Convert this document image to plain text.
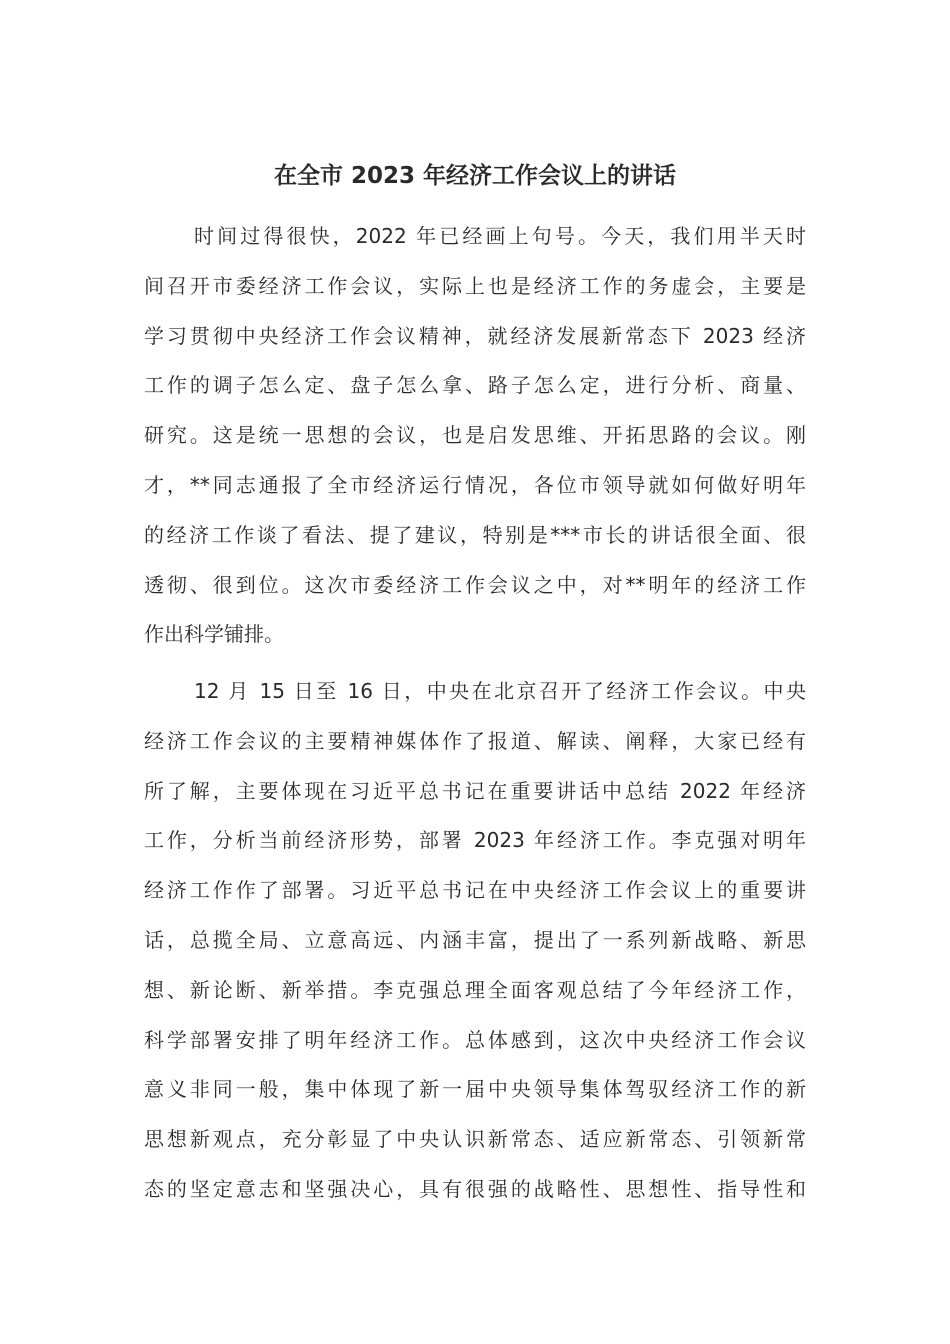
在全市 2023 年经济工作会议上的讲话
时间过得很快，2022 年已经画上句号。今天，我们用半天时
间召开市委经济工作会议，实际上也是经济工作的务虚会，主要是
学习贯彻中央经济工作会议精神，就经济发展新常态下 2023 经济
工作的调子怎么定、盘子怎么拿、路子怎么定，进行分析、商量、
研究。这是统一思想的会议，也是启发思维、开拓思路的会议。刚
才，**同志通报了全市经济运行情况，各位市领导就如何做好明年
的经济工作谈了看法、提了建议，特别是***市长的讲话很全面、很
透彻、很到位。这次市委经济工作会议之中，对**明年的经济工作
作出科学铺排。
12 月 15 日至 16 日，中央在北京召开了经济工作会议。中央
经济工作会议的主要精神媒体作了报道、解读、阐释，大家已经有
所了解，主要体现在习近平总书记在重要讲话中总结 2022 年经济
工作，分析当前经济形势，部署 2023 年经济工作。李克强对明年
经济工作作了部署。习近平总书记在中央经济工作会议上的重要讲
话，总揽全局、立意高远、内涵丰富，提出了一系列新战略、新思
想、新论断、新举措。李克强总理全面客观总结了今年经济工作，
科学部署安排了明年经济工作。总体感到，这次中央经济工作会议
意义非同一般，集中体现了新一届中央领导集体驾驭经济工作的新
思想新观点，充分彰显了中央认识新常态、适应新常态、引领新常
态的坚定意志和坚强决心，具有很强的战略性、思想性、指导性和
